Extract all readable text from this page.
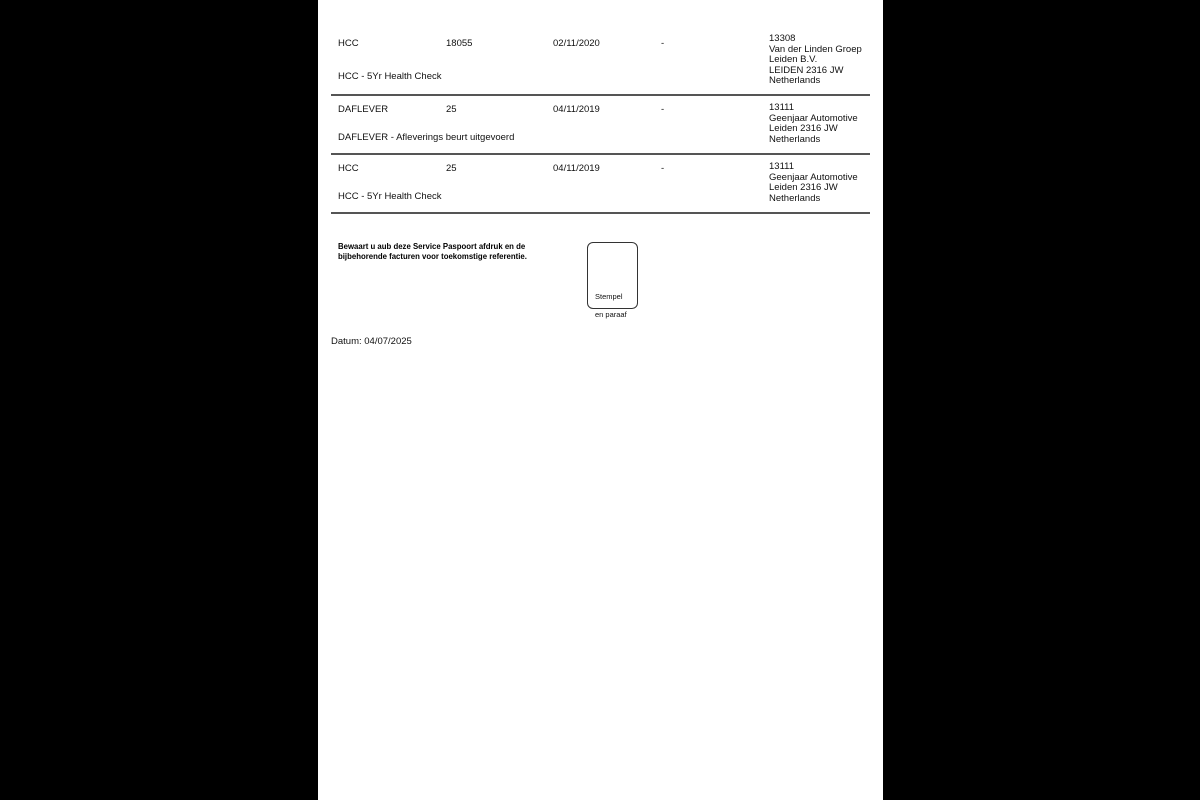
HCC	18055	02/11/2020	-	13308
Van der Linden Groep
Leiden B.V.
LEIDEN 2316 JW
Netherlands
HCC - 5Yr Health Check
DAFLEVER	25	04/11/2019	-	13111
Geenjaar Automotive
Leiden 2316 JW
Netherlands
DAFLEVER - Afleverings beurt uitgevoerd
HCC	25	04/11/2019	-	13111
Geenjaar Automotive
Leiden 2316 JW
Netherlands
HCC - 5Yr Health Check
Bewaart u aub deze Service Paspoort afdruk en de
bijbehorende facturen voor toekomstige referentie.

Stempel

en paraaf

Datum: 04/07/2025
